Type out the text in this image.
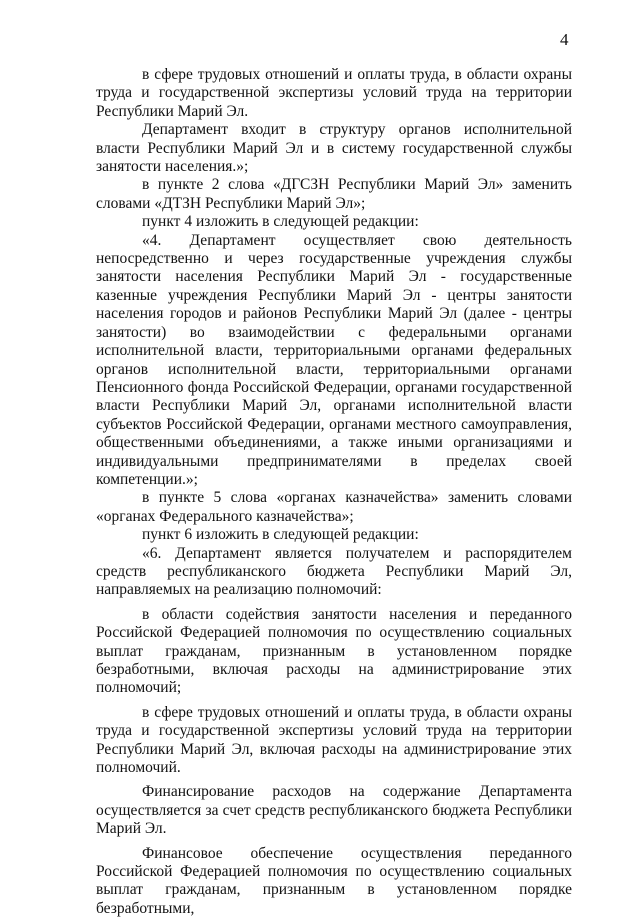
4

в сфере трудовых отношений и оплаты труда, в области охраны труда и государственной экспертизы условий труда на территории Республики Марий Эл.

Департамент входит в структуру органов исполнительной власти Республики Марий Эл и в систему государственной службы занятости населения.»;

в пункте 2 слова «ДГСЗН Республики Марий Эл» заменить словами «ДТЗН Республики Марий Эл»;

пункт 4 изложить в следующей редакции:

«4. Департамент осуществляет свою деятельность непосредственно и через государственные учреждения службы занятости населения Республики Марий Эл - государственные казенные учреждения Республики Марий Эл - центры занятости населения городов и районов Республики Марий Эл (далее - центры занятости) во взаимодействии с федеральными органами исполнительной власти, территориальными органами федеральных органов исполнительной власти, территориальными органами Пенсионного фонда Российской Федерации, органами государственной власти Республики Марий Эл, органами исполнительной власти субъектов Российской Федерации, органами местного самоуправления, общественными объединениями, а также иными организациями и индивидуальными предпринимателями в пределах своей компетенции.»;

в пункте 5 слова «органах казначейства» заменить словами «органах Федерального казначейства»;

пункт 6 изложить в следующей редакции:

«6. Департамент является получателем и распорядителем средств республиканского бюджета Республики Марий Эл, направляемых на реализацию полномочий:

в области содействия занятости населения и переданного Российской Федерацией полномочия по осуществлению социальных выплат гражданам, признанным в установленном порядке безработными, включая расходы на администрирование этих полномочий;

в сфере трудовых отношений и оплаты труда, в области охраны труда и государственной экспертизы условий труда на территории Республики Марий Эл, включая расходы на администрирование этих полномочий.

Финансирование расходов на содержание Департамента осуществляется за счет средств республиканского бюджета Республики Марий Эл.

Финансовое обеспечение осуществления переданного Российской Федерацией полномочия по осуществлению социальных выплат гражданам, признанным в установленном порядке безработными,
